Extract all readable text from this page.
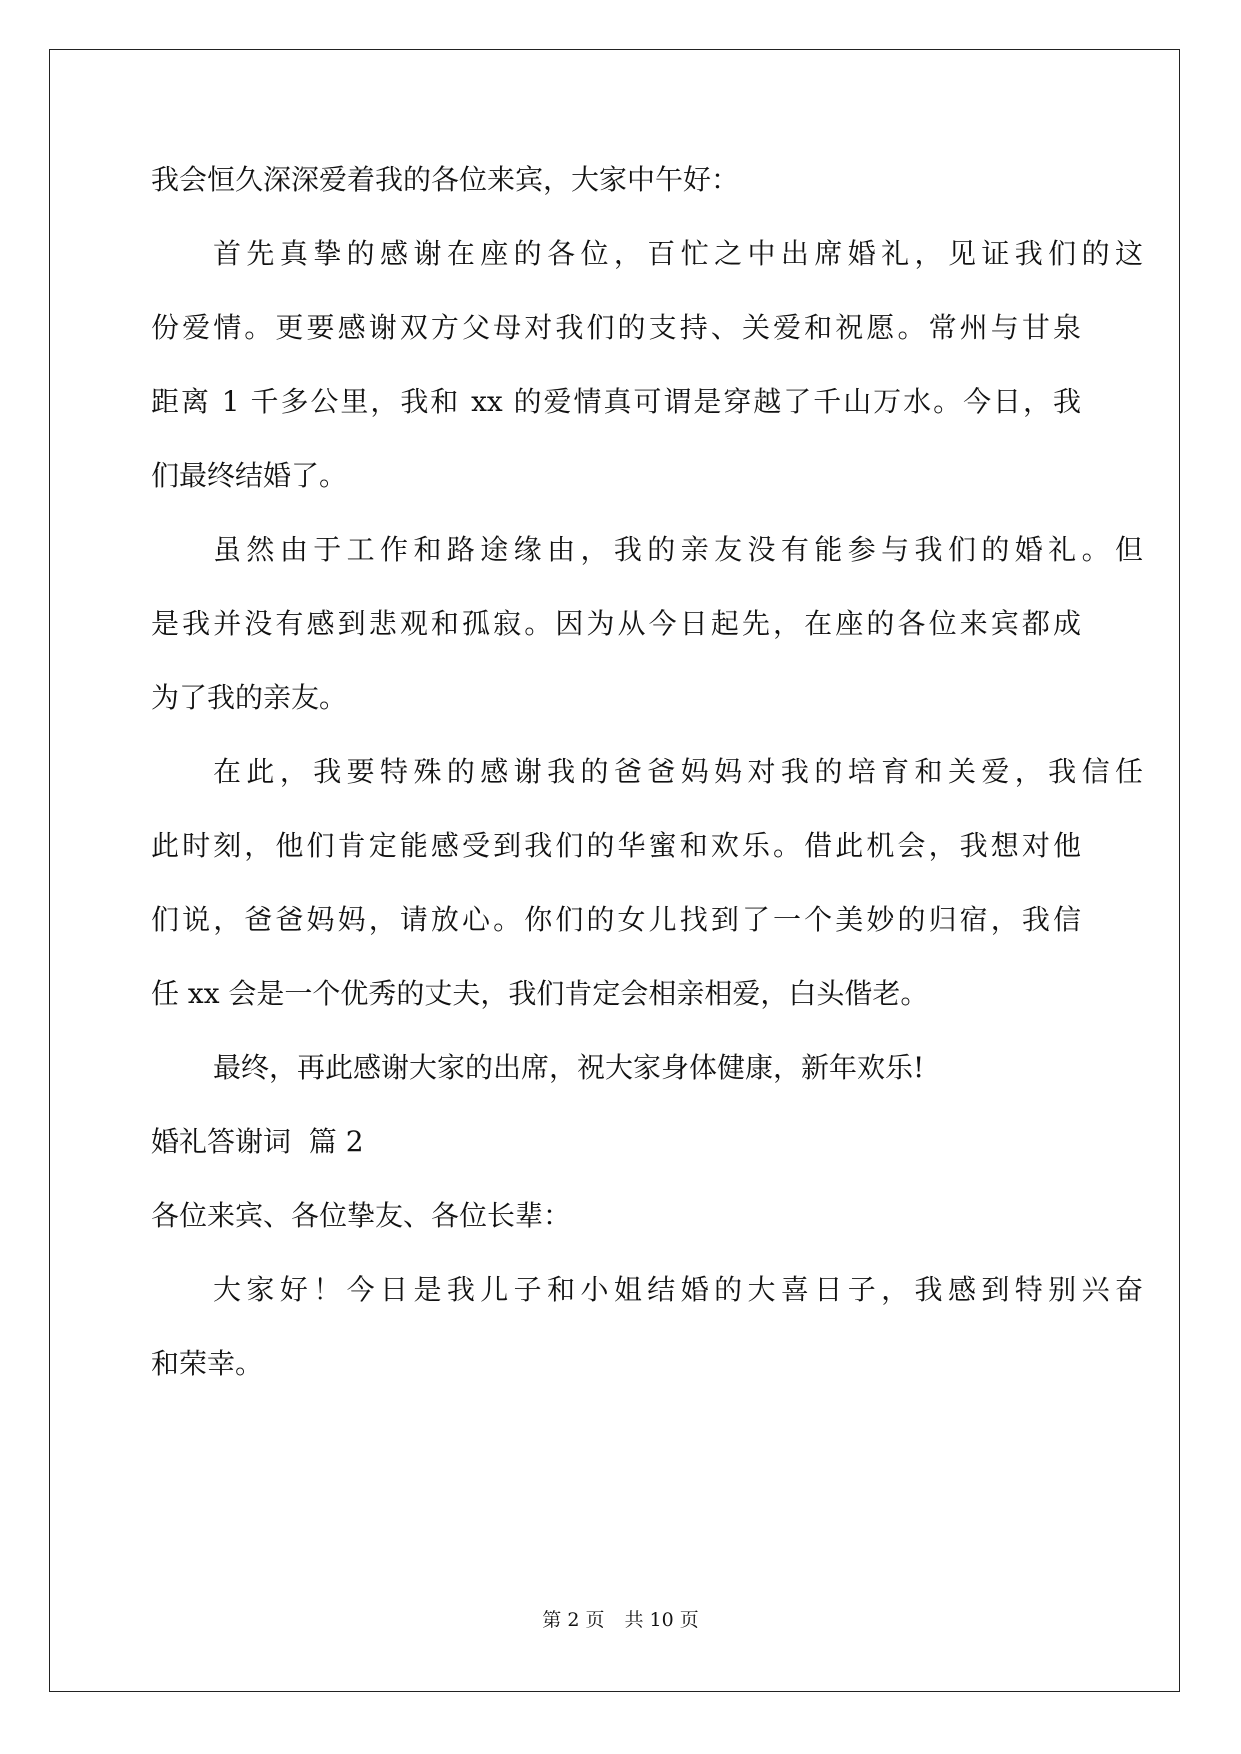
我会恒久深深爱着我的各位来宾，大家中午好：

首先真挚的感谢在座的各位，百忙之中出席婚礼，见证我们的这

份爱情。更要感谢双方父母对我们的支持、关爱和祝愿。常州与甘泉

距离 1 千多公里，我和 xx 的爱情真可谓是穿越了千山万水。今日，我

们最终结婚了。

虽然由于工作和路途缘由，我的亲友没有能参与我们的婚礼。但

是我并没有感到悲观和孤寂。因为从今日起先，在座的各位来宾都成

为了我的亲友。

在此，我要特殊的感谢我的爸爸妈妈对我的培育和关爱，我信任

此时刻，他们肯定能感受到我们的华蜜和欢乐。借此机会，我想对他

们说，爸爸妈妈，请放心。你们的女儿找到了一个美妙的归宿，我信

任 xx 会是一个优秀的丈夫，我们肯定会相亲相爱，白头偕老。

最终，再此感谢大家的出席，祝大家身体健康，新年欢乐!

婚礼答谢词  篇 2

各位来宾、各位挚友、各位长辈：

大家好！今日是我儿子和小姐结婚的大喜日子，我感到特别兴奋

和荣幸。

第 2 页 共 10 页
